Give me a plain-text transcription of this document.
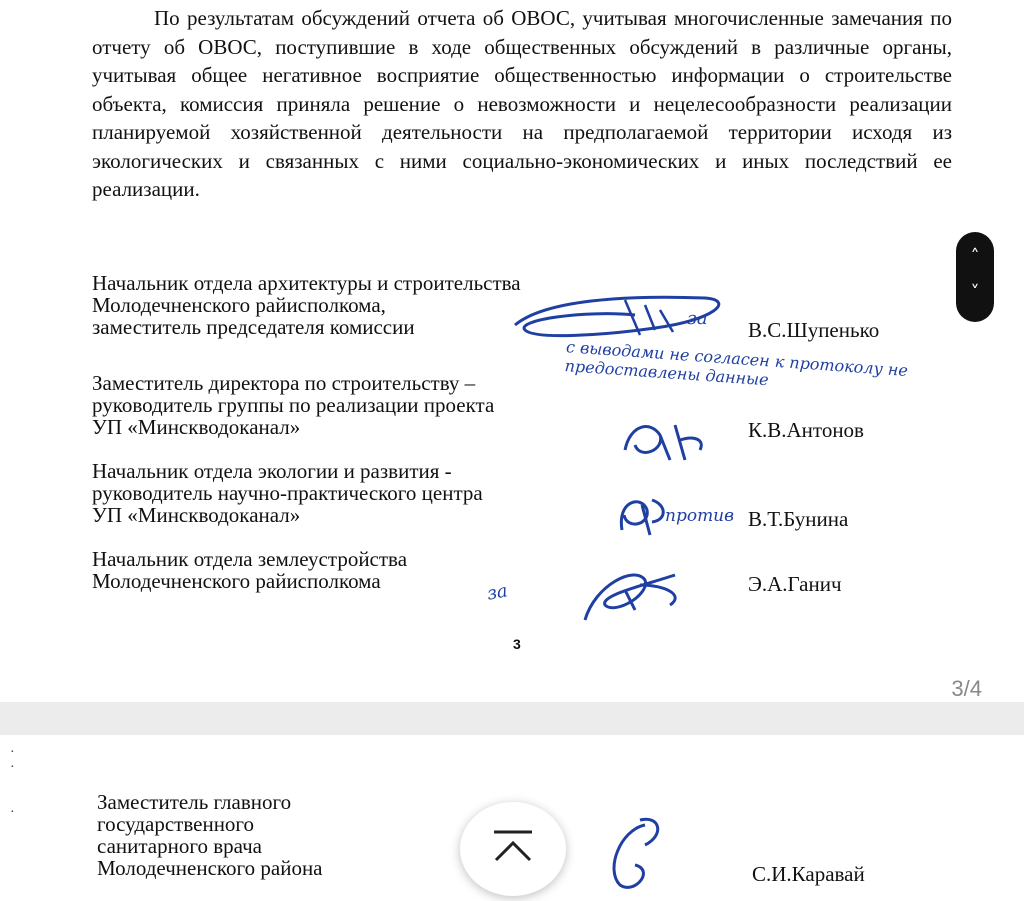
По результатам обсуждений отчета об ОВОС, учитывая многочисленные замечания по отчету об ОВОС, поступившие в ходе общественных обсуждений в различные органы, учитывая общее негативное восприятие общественностью информации о строительстве объекта, комиссия приняла решение о невозможности и нецелесообразности реализации планируемой хозяйственной деятельности на предполагаемой территории исходя из экологических и связанных с ними социально-экономических и иных последствий ее реализации.

Начальник отдела архитектуры и строительства
Молодечненского райисполкома,
заместитель председателя комиссии	В.С.Шупенько
Заместитель директора по строительству –
руководитель группы по реализации проекта
УП «Минскводоканал»	К.В.Антонов
Начальник отдела экологии и развития -
руководитель научно-практического центра
УП «Минскводоканал»	В.Т.Бунина
Начальник отдела землеустройства
Молодечненского райисполкома	Э.А.Ганич
за
с выводами не согласен к протоколу не предоставлены данные
против
за
3
3/4
˄
˅
Заместитель главного
государственного
санитарного врача
Молодечненского района	С.И.Каравай
·
·

·
